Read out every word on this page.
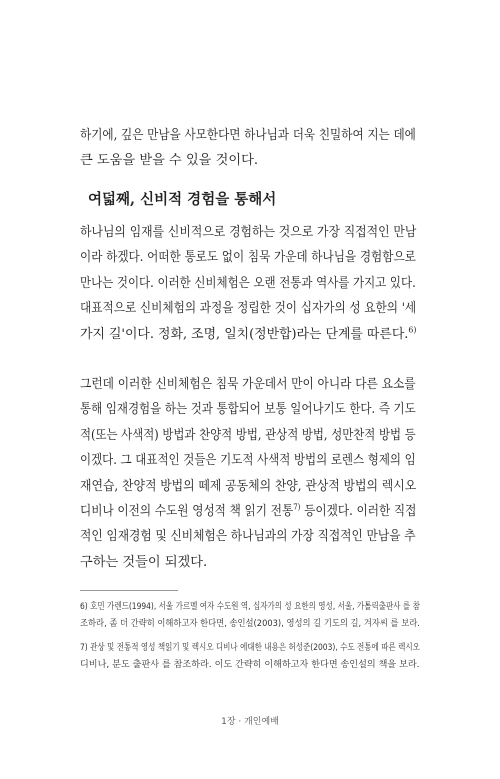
하기에, 깊은 만남을 사모한다면 하나님과 더욱 친밀하여 지는 데에
큰 도움을 받을 수 있을 것이다.

여덟째, 신비적 경험을 통해서

하나님의 임재를 신비적으로 경험하는 것으로 가장 직접적인 만남
이라 하겠다. 어떠한 통로도 없이 침묵 가운데 하나님을 경험함으로
만나는 것이다. 이러한 신비체험은 오랜 전통과 역사를 가지고 있다.
대표적으로 신비체험의 과정을 정립한 것이 십자가의 성 요한의 '세
가지 길'이다. 정화, 조명, 일치(정반합)라는 단계를 따른다.$^{6)}$

그런데 이러한 신비체험은 침묵 가운데서 만이 아니라 다른 요소를
통해 임재경험을 하는 것과 통합되어 보통 일어나기도 한다. 즉 기도
적(또는 사색적) 방법과 찬양적 방법, 관상적 방법, 성만찬적 방법 등
이겠다. 그 대표적인 것들은 기도적 사색적 방법의 로렌스 형제의 임
재연습, 찬양적 방법의 떼제 공동체의 찬양, 관상적 방법의 렉시오
디비나 이전의 수도원 영성적 책 읽기 전통$^{7)}$ 등이겠다. 이러한 직접
적인 임재경험 및 신비체험은 하나님과의 가장 직접적인 만남을 추
구하는 것들이 되겠다.

6) 호민 가렌드(1994), 서울 가르멜 여자 수도원 역, 십자가의 성 요한의 영성, 서울, 가톨릭출판사 를 참
조하라, 좀 더 간략히 이해하고자 한다면, 송인설(2003), 영성의 길 기도의 길, 겨자씨 를 보라.
7) 관상 및 전통적 영성 책읽기 및 렉시오 디비나 에대한 내용은 허성준(2003), 수도 전통에 따른 렉시오
디비나, 분도 출판사 를 참조하라. 이도 간략히 이해하고자 한다면 송인설의 책을 보라.
1장 · 개인예배
